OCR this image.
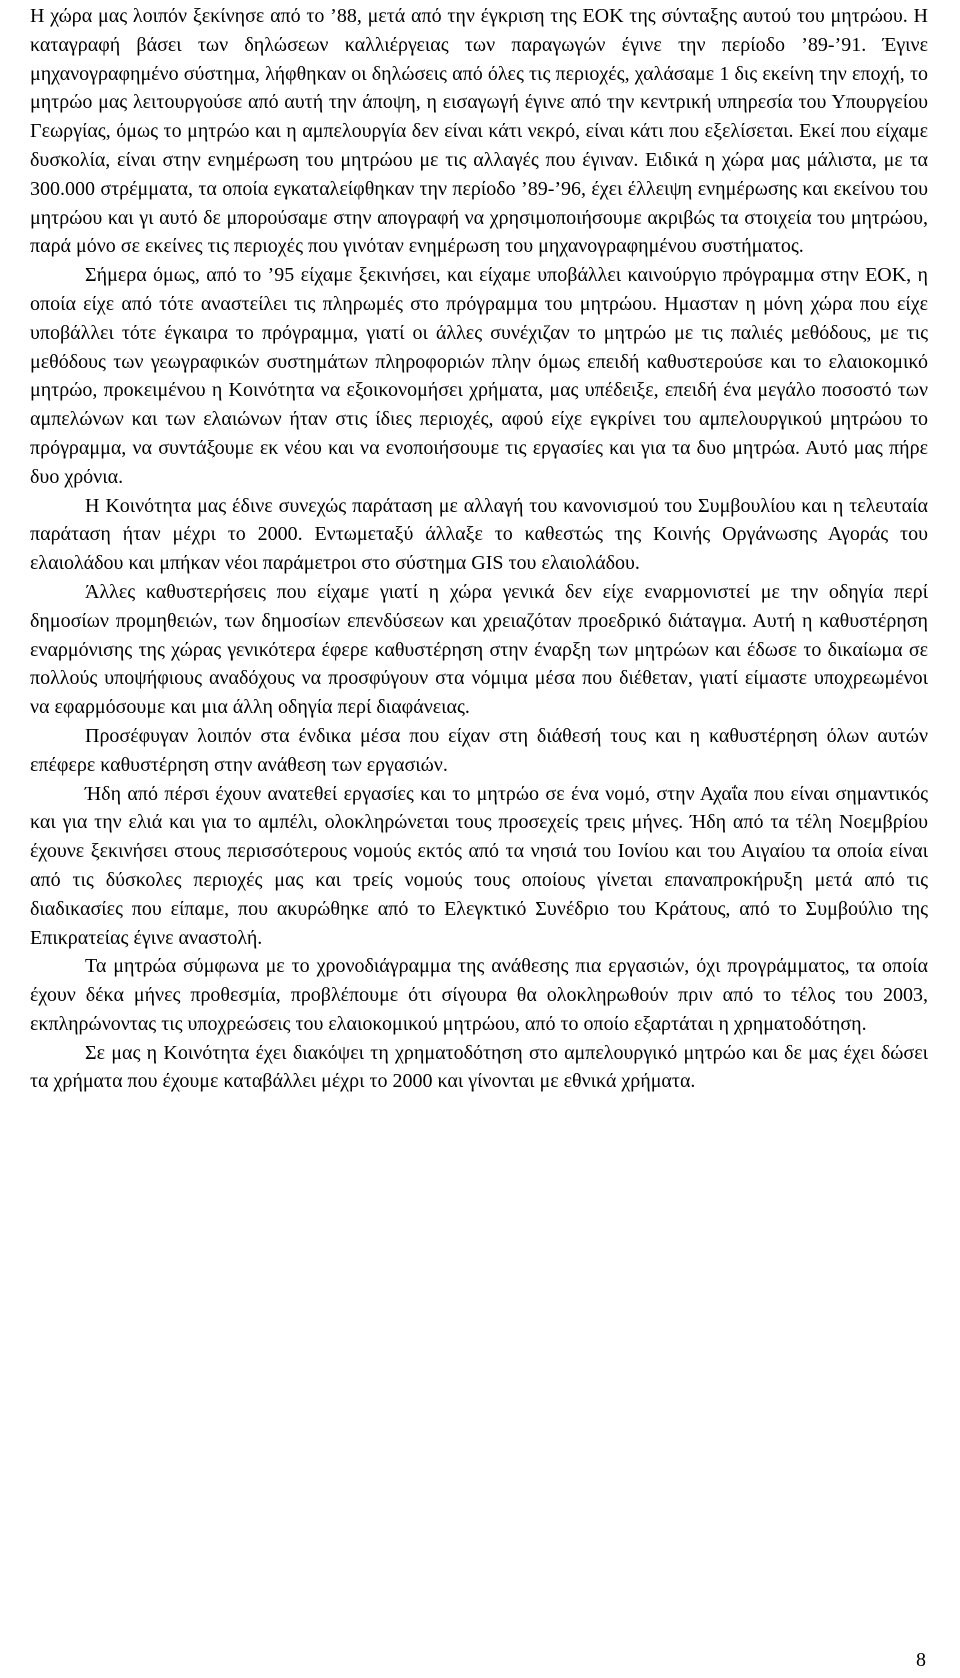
Η χώρα μας λοιπόν ξεκίνησε από το ’88, μετά από την έγκριση της ΕΟΚ της σύνταξης αυτού του μητρώου. Η καταγραφή βάσει των δηλώσεων καλλιέργειας των παραγωγών έγινε την περίοδο ’89-’91. Έγινε μηχανογραφημένο σύστημα, λήφθηκαν οι δηλώσεις από όλες τις περιοχές, χαλάσαμε 1 δις εκείνη την εποχή, το μητρώο μας λειτουργούσε από αυτή την άποψη, η εισαγωγή έγινε από την κεντρική υπηρεσία του Υπουργείου Γεωργίας, όμως το μητρώο και η αμπελουργία δεν είναι κάτι νεκρό, είναι κάτι που εξελίσεται. Εκεί που είχαμε δυσκολία, είναι στην ενημέρωση του μητρώου με τις αλλαγές που έγιναν. Ειδικά η χώρα μας μάλιστα, με τα 300.000 στρέμματα, τα οποία εγκαταλείφθηκαν την περίοδο ’89-’96, έχει έλλειψη ενημέρωσης και εκείνου του μητρώου και γι αυτό δε μπορούσαμε στην απογραφή να χρησιμοποιήσουμε ακριβώς τα στοιχεία του μητρώου, παρά μόνο σε εκείνες τις περιοχές που γινόταν ενημέρωση του μηχανογραφημένου συστήματος.

Σήμερα όμως, από το ’95 είχαμε ξεκινήσει, και είχαμε υποβάλλει καινούργιο πρόγραμμα στην ΕΟΚ, η οποία είχε από τότε αναστείλει τις πληρωμές στο πρόγραμμα του μητρώου. Ημασταν η μόνη χώρα που είχε υποβάλλει τότε έγκαιρα το πρόγραμμα, γιατί οι άλλες συνέχιζαν το μητρώο με τις παλιές μεθόδους, με τις μεθόδους των γεωγραφικών συστημάτων πληροφοριών πλην όμως επειδή καθυστερούσε και το ελαιοκομικό μητρώο, προκειμένου η Κοινότητα να εξοικονομήσει χρήματα, μας υπέδειξε, επειδή ένα μεγάλο ποσοστό των αμπελώνων και των ελαιώνων ήταν στις ίδιες περιοχές, αφού είχε εγκρίνει του αμπελουργικού μητρώου το πρόγραμμα, να συντάξουμε εκ νέου και να ενοποιήσουμε τις εργασίες και για τα δυο μητρώα. Αυτό μας πήρε δυο χρόνια.

Η Κοινότητα μας έδινε συνεχώς παράταση με αλλαγή του κανονισμού του Συμβουλίου και η τελευταία παράταση ήταν μέχρι το 2000. Εντωμεταξύ άλλαξε το καθεστώς της Κοινής Οργάνωσης Αγοράς του ελαιολάδου και μπήκαν νέοι παράμετροι στο σύστημα GIS του ελαιολάδου.

Άλλες καθυστερήσεις που είχαμε γιατί η χώρα γενικά δεν είχε εναρμονιστεί με την οδηγία περί δημοσίων προμηθειών, των δημοσίων επενδύσεων και χρειαζόταν προεδρικό διάταγμα. Αυτή η καθυστέρηση εναρμόνισης της χώρας γενικότερα έφερε καθυστέρηση στην έναρξη των μητρώων και έδωσε το δικαίωμα σε πολλούς υποψήφιους αναδόχους να προσφύγουν στα νόμιμα μέσα που διέθεταν, γιατί είμαστε υποχρεωμένοι να εφαρμόσουμε και μια άλλη οδηγία περί διαφάνειας.

Προσέφυγαν λοιπόν στα ένδικα μέσα που είχαν στη διάθεσή τους και η καθυστέρηση όλων αυτών επέφερε καθυστέρηση στην ανάθεση των εργασιών.

Ήδη από πέρσι έχουν ανατεθεί εργασίες και το μητρώο σε ένα νομό, στην Αχαΐα που είναι σημαντικός και για την ελιά και για το αμπέλι, ολοκληρώνεται τους προσεχείς τρεις μήνες. Ήδη από τα τέλη Νοεμβρίου έχουνε ξεκινήσει στους περισσότερους νομούς εκτός από τα νησιά του Ιονίου και του Αιγαίου τα οποία είναι από τις δύσκολες περιοχές μας και τρείς νομούς τους οποίους γίνεται επαναπροκήρυξη μετά από τις διαδικασίες που είπαμε, που ακυρώθηκε από το Ελεγκτικό Συνέδριο του Κράτους, από το Συμβούλιο της Επικρατείας έγινε αναστολή.

Τα μητρώα σύμφωνα με το χρονοδιάγραμμα της ανάθεσης πια εργασιών, όχι προγράμματος, τα οποία έχουν δέκα μήνες προθεσμία, προβλέπουμε ότι σίγουρα θα ολοκληρωθούν πριν από το τέλος του 2003, εκπληρώνοντας τις υποχρεώσεις του ελαιοκομικού μητρώου, από το οποίο εξαρτάται η χρηματοδότηση.

Σε μας η Κοινότητα έχει διακόψει τη χρηματοδότηση στο αμπελουργικό μητρώο και δε μας έχει δώσει τα χρήματα που έχουμε καταβάλλει μέχρι το 2000 και γίνονται με εθνικά χρήματα.

8
